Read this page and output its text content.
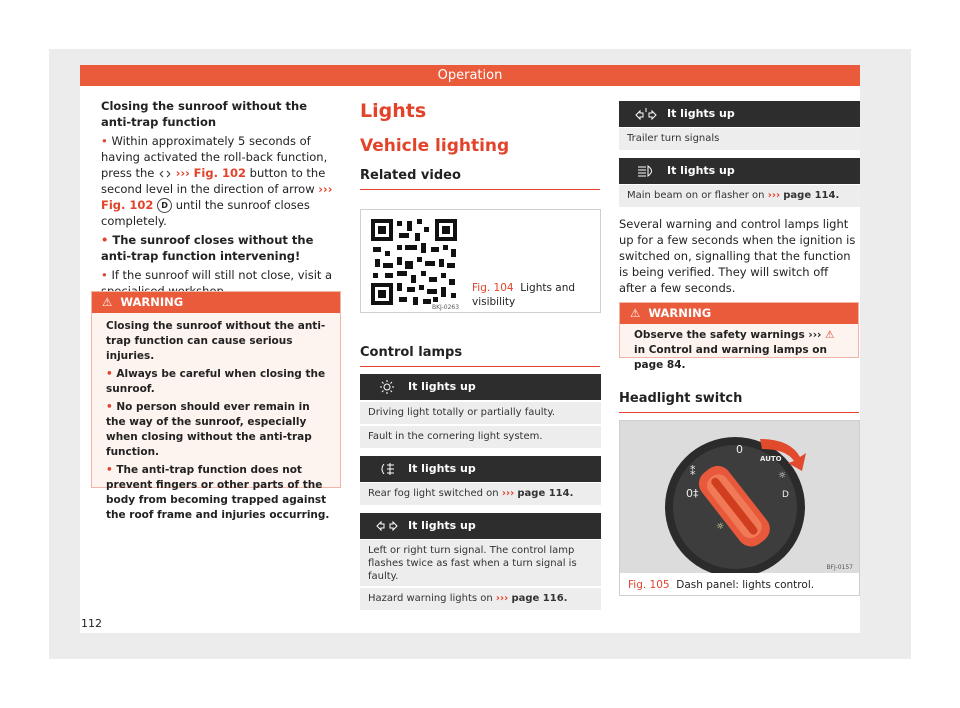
Operation

Closing the sunroof without the anti-trap function

• Within approximately 5 seconds of having activated the roll-back function, press the ››› Fig. 102 button to the second level in the direction of arrow ››› Fig. 102 D until the sunroof closes completely.

• The sunroof closes without the anti-trap function intervening!

• If the sunroof will still not close, visit a

⚠ WARNING

Closing the sunroof without the anti-trap function can cause serious injuries.

• Always be careful when closing the sunroof.

• No person should ever remain in the way of the sunroof, especially when closing without the anti-trap function.

• The anti-trap function does not prevent fingers or other parts of the body from becoming trapped against the roof frame and injuries occurring.

Lights
Vehicle lighting
Related video
BKJ-0263
Fig. 104 Lights and visibility
Control lamps
It lights up
Driving light totally or partially faulty.
Fault in the cornering light system.
It lights up
Rear fog light switched on ››› page 114.
It lights up
Left or right turn signal. The control lamp flashes twice as fast when a turn signal is faulty.
Hazard warning lights on ››› page 116.
It lights up
Trailer turn signals
It lights up
Main beam on or flasher on ››› page 114.

Several warning and control lamps light up for a few seconds when the ignition is switched on, signalling that the function is being verified. They will switch off after a few seconds.

⚠ WARNING

Observe the safety warnings ››› ⚠ in Control and warning lamps on page 84.

Headlight switch
0
AUTO
⁑
0‡
☼
D
☼
BFJ-0157
Fig. 105 Dash panel: lights control.
112
